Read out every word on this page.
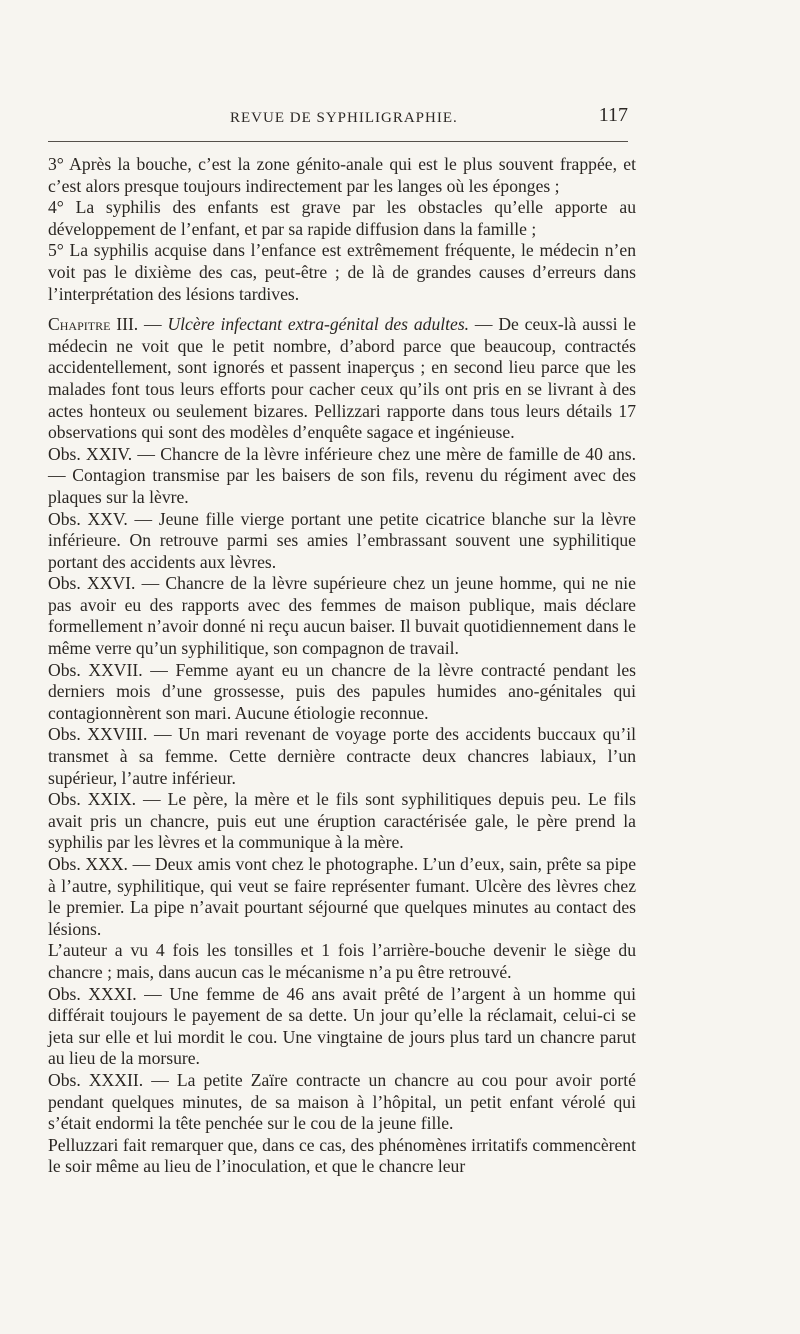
REVUE DE SYPHILIGRAPHIE.	117

3° Après la bouche, c’est la zone génito-anale qui est le plus souvent frappée, et c’est alors presque toujours indirectement par les langes où les éponges ;

4° La syphilis des enfants est grave par les obstacles qu’elle apporte au développement de l’enfant, et par sa rapide diffusion dans la famille ;

5° La syphilis acquise dans l’enfance est extrêmement fréquente, le médecin n’en voit pas le dixième des cas, peut-être ; de là de grandes causes d’erreurs dans l’interprétation des lésions tardives.

Chapitre III. — Ulcère infectant extra-génital des adultes. — De ceux-là aussi le médecin ne voit que le petit nombre, d’abord parce que beaucoup, contractés accidentellement, sont ignorés et passent inaperçus ; en second lieu parce que les malades font tous leurs efforts pour cacher ceux qu’ils ont pris en se livrant à des actes honteux ou seulement bizares. Pellizzari rapporte dans tous leurs détails 17 observations qui sont des modèles d’enquête sagace et ingénieuse.

Obs. XXIV. — Chancre de la lèvre inférieure chez une mère de famille de 40 ans. — Contagion transmise par les baisers de son fils, revenu du régiment avec des plaques sur la lèvre.

Obs. XXV. — Jeune fille vierge portant une petite cicatrice blanche sur la lèvre inférieure. On retrouve parmi ses amies l’embrassant souvent une syphilitique portant des accidents aux lèvres.

Obs. XXVI. — Chancre de la lèvre supérieure chez un jeune homme, qui ne nie pas avoir eu des rapports avec des femmes de maison publique, mais déclare formellement n’avoir donné ni reçu aucun baiser. Il buvait quotidiennement dans le même verre qu’un syphilitique, son compagnon de travail.

Obs. XXVII. — Femme ayant eu un chancre de la lèvre contracté pendant les derniers mois d’une grossesse, puis des papules humides ano-génitales qui contagionnèrent son mari. Aucune étiologie reconnue.

Obs. XXVIII. — Un mari revenant de voyage porte des accidents buccaux qu’il transmet à sa femme. Cette dernière contracte deux chancres labiaux, l’un supérieur, l’autre inférieur.

Obs. XXIX. — Le père, la mère et le fils sont syphilitiques depuis peu. Le fils avait pris un chancre, puis eut une éruption caractérisée gale, le père prend la syphilis par les lèvres et la communique à la mère.

Obs. XXX. — Deux amis vont chez le photographe. L’un d’eux, sain, prête sa pipe à l’autre, syphilitique, qui veut se faire représenter fumant. Ulcère des lèvres chez le premier. La pipe n’avait pourtant séjourné que quelques minutes au contact des lésions.

L’auteur a vu 4 fois les tonsilles et 1 fois l’arrière-bouche devenir le siège du chancre ; mais, dans aucun cas le mécanisme n’a pu être retrouvé.

Obs. XXXI. — Une femme de 46 ans avait prêté de l’argent à un homme qui différait toujours le payement de sa dette. Un jour qu’elle la réclamait, celui-ci se jeta sur elle et lui mordit le cou. Une vingtaine de jours plus tard un chancre parut au lieu de la morsure.

Obs. XXXII. — La petite Zaïre contracte un chancre au cou pour avoir porté pendant quelques minutes, de sa maison à l’hôpital, un petit enfant vérolé qui s’était endormi la tête penchée sur le cou de la jeune fille.

Pelluzzari fait remarquer que, dans ce cas, des phénomènes irritatifs commencèrent le soir même au lieu de l’inoculation, et que le chancre leur
